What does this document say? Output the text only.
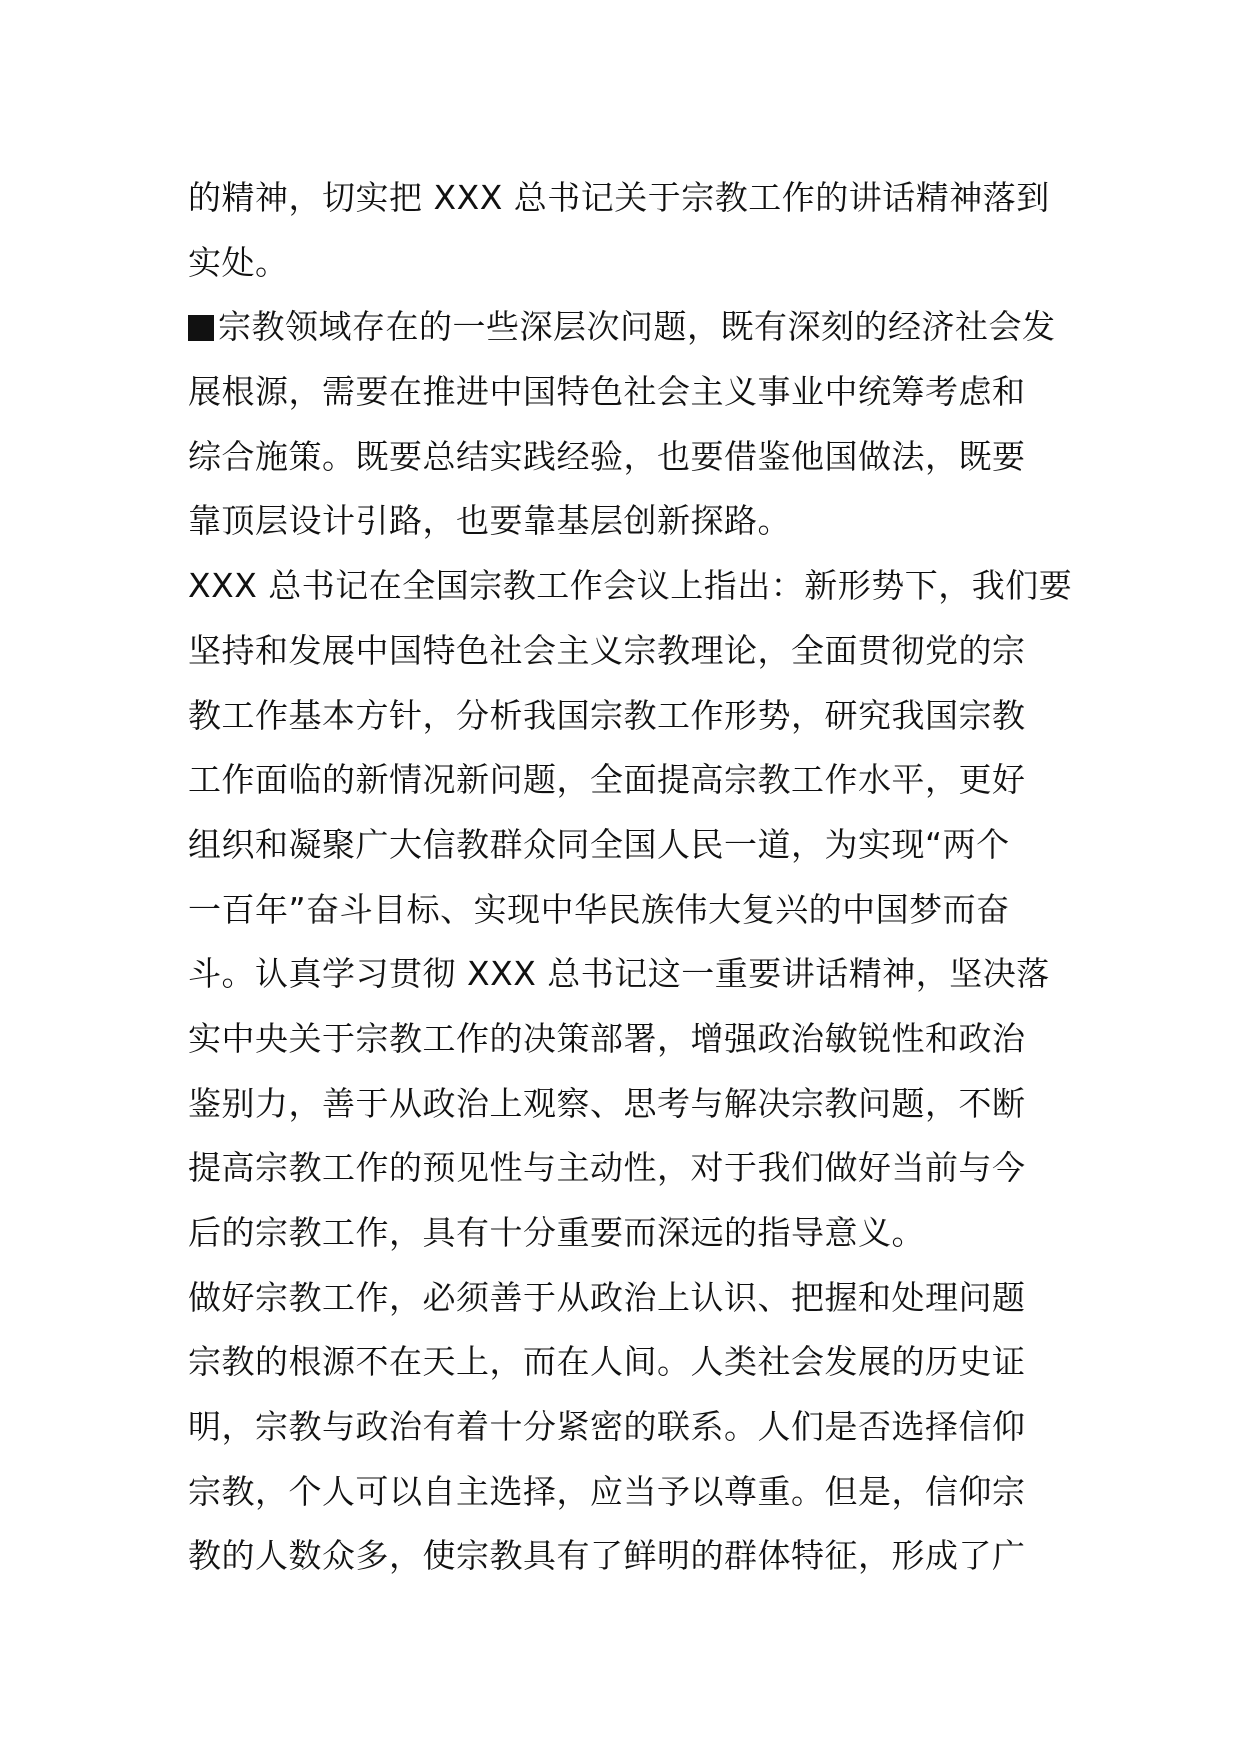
的精神，切实把 XXX 总书记关于宗教工作的讲话精神落到
实处。
宗教领域存在的一些深层次问题，既有深刻的经济社会发
展根源，需要在推进中国特色社会主义事业中统筹考虑和
综合施策。既要总结实践经验，也要借鉴他国做法，既要
靠顶层设计引路，也要靠基层创新探路。
XXX 总书记在全国宗教工作会议上指出：新形势下，我们要
坚持和发展中国特色社会主义宗教理论，全面贯彻党的宗
教工作基本方针，分析我国宗教工作形势，研究我国宗教
工作面临的新情况新问题，全面提高宗教工作水平，更好
组织和凝聚广大信教群众同全国人民一道，为实现“两个
一百年”奋斗目标、实现中华民族伟大复兴的中国梦而奋
斗。认真学习贯彻 XXX 总书记这一重要讲话精神，坚决落
实中央关于宗教工作的决策部署，增强政治敏锐性和政治
鉴别力，善于从政治上观察、思考与解决宗教问题，不断
提高宗教工作的预见性与主动性，对于我们做好当前与今
后的宗教工作，具有十分重要而深远的指导意义。
做好宗教工作，必须善于从政治上认识、把握和处理问题
宗教的根源不在天上，而在人间。人类社会发展的历史证
明，宗教与政治有着十分紧密的联系。人们是否选择信仰
宗教，个人可以自主选择，应当予以尊重。但是，信仰宗
教的人数众多，使宗教具有了鲜明的群体特征，形成了广
